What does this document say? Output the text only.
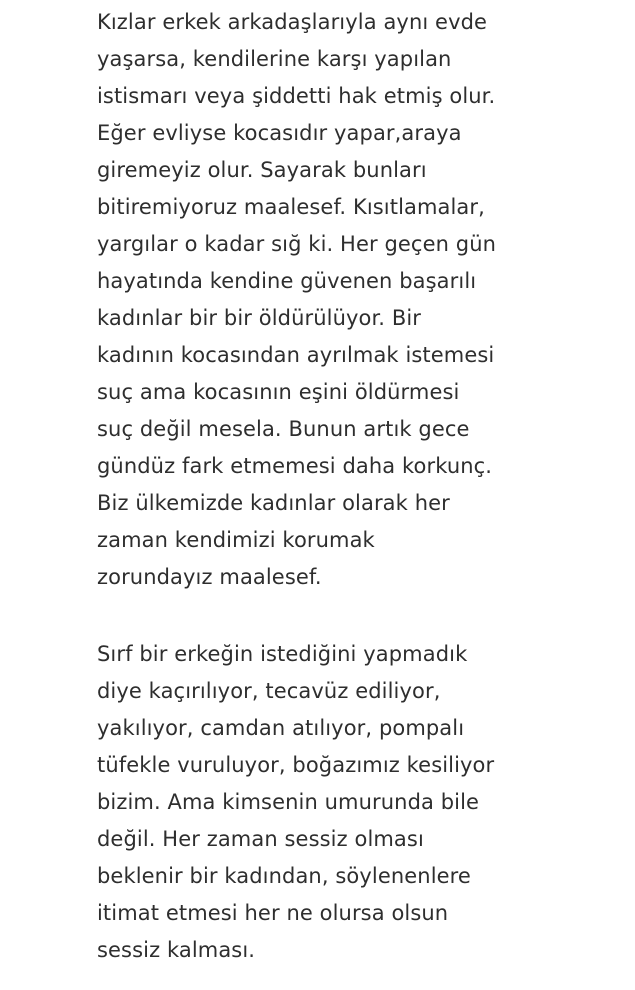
Kızlar erkek arkadaşlarıyla aynı evde
yaşarsa, kendilerine karşı yapılan
istismarı veya şiddetti hak etmiş olur.
Eğer evliyse kocasıdır yapar,araya
giremeyiz olur. Sayarak bunları
bitiremiyoruz maalesef. Kısıtlamalar,
yargılar o kadar sığ ki. Her geçen gün
hayatında kendine güvenen başarılı
kadınlar bir bir öldürülüyor. Bir
kadının kocasından ayrılmak istemesi
suç ama kocasının eşini öldürmesi
suç değil mesela. Bunun artık gece
gündüz fark etmemesi daha korkunç.
Biz ülkemizde kadınlar olarak her
zaman kendimizi korumak
zorundayız maalesef.

Sırf bir erkeğin istediğini yapmadık
diye kaçırılıyor, tecavüz ediliyor,
yakılıyor, camdan atılıyor, pompalı
tüfekle vuruluyor, boğazımız kesiliyor
bizim. Ama kimsenin umurunda bile
değil. Her zaman sessiz olması
beklenir bir kadından, söylenenlere
itimat etmesi her ne olursa olsun
sessiz kalması.
